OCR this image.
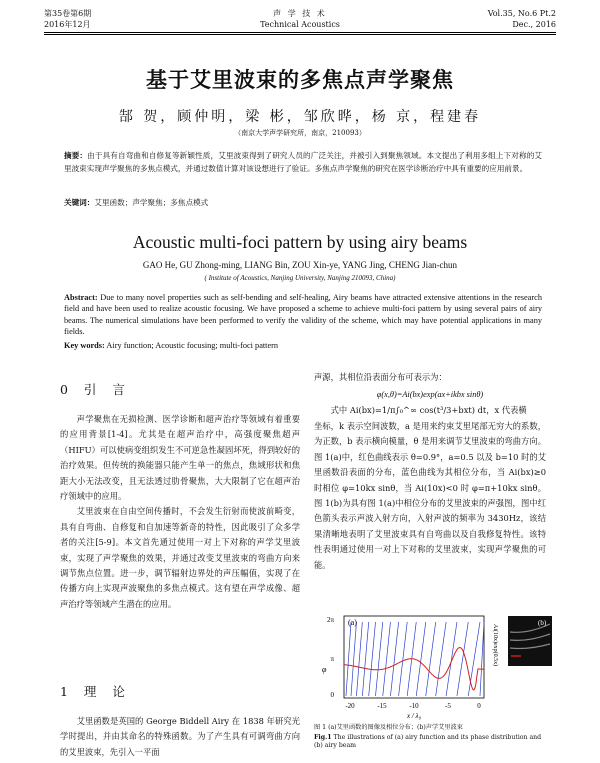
第35卷第6期
2016年12月
声 学 技 术
Technical Acoustics
Vol.35, No.6 Pt.2
Dec., 2016
基于艾里波束的多焦点声学聚焦
郜 贺，顾仲明，梁 彬，邹欣晔，杨 京，程建春
（南京大学声学研究所，南京，210093）
摘要：由于具有自弯曲和自修复等新颖性质，艾里波束得到了研究人员的广泛关注，并被引入到聚焦领域。本文提出了利用多组上下对称的艾里波束实现声学聚焦的多焦点模式，并通过数值计算对该设想进行了验证。多焦点声学聚焦的研究在医学诊断治疗中具有重要的应用前景。
关键词：艾里函数；声学聚焦；多焦点模式
Acoustic multi-foci pattern by using airy beams
GAO He, GU Zhong-ming, LIANG Bin, ZOU Xin-ye, YANG Jing, CHENG Jian-chun
( Institute of Acoustics, Nanjing University, Nanjing 210093, China)
Abstract: Due to many novel properties such as self-bending and self-healing, Airy beams have attracted extensive attentions in the research field and have been used to realize acoustic focusing. We have proposed a scheme to achieve multi-foci pattern by using several pairs of airy beams. The numerical simulations have been performed to verify the validity of the scheme, which may have potential applications in many fields.
Key words: Airy function; Acoustic focusing; multi-foci pattern
0 引 言

声学聚焦在无损检测、医学诊断和超声治疗等领域有着重要的应用背景[1-4]。尤其是在超声治疗中，高强度聚焦超声（HIFU）可以使病变组织发生不可逆急性凝固坏死，得到较好的治疗效果。但传统的换能器只能产生单一的焦点，焦域形状和焦距大小无法改变，且无法透过肋骨聚焦，大大限制了它在超声治疗领域中的应用。

艾里波束在自由空间传播时，不会发生衍射而使波前畸变，具有自弯曲、自修复和自加速等新奇的特性，因此吸引了众多学者的关注[5-9]。本文首先通过使用一对上下对称的声学艾里波束，实现了声学聚焦的效果，并通过改变艾里波束的弯曲方向来调节焦点位置。进一步，调节辐射边界处的声压幅值，实现了在传播方向上实现声波聚焦的多焦点模式。这有望在声学成像、超声治疗等领域产生潜在的应用。

1 理 论

艾里函数是英国的 George Biddell Airy 在 1838 年研究光学时提出，并由其命名的特殊函数。为了产生具有可调弯曲方向的艾里波束，先引入一平面

声源，其相位沿表面分布可表示为：
φ(x,θ)=Ai(bx)exp(ax+ikbx sinθ)
式中 Ai(bx)=1/π∫₀^∞ cos(t³/3+bxt) dt，x 代表横
坐标，k 表示空间波数，a 是用来约束艾里尾部无穷大的系数，为正数，b 表示横向模量，θ 是用来调节艾里波束的弯曲方向。图 1(a)中，红色曲线表示 θ=0.9°，a=0.5 以及 b=10 时的艾里函数沿表面的分布，蓝色曲线为其相位分布，当 Ai(bx)≥0 时相位 φ=10kx sinθ，当 Ai(10x)<0 时 φ=π+10kx sinθ。图 1(b)为具有图 1(a)中相位分布的艾里波束的声强图，图中红色箭头表示声波入射方向，入射声波的频率为 3430Hz，该结果清晰地表明了艾里波束具有自弯曲以及自我修复特性。该特性表明通过使用一对上下对称的艾里波束，实现声学聚焦的可能。
(a)
2π
π
0
φ
Ai(10x)exp(0.5x)
-20	-15	-10	-5	0
x / λ₀
(b)
图 1 (a)艾里函数的图像及相位分布；(b)声学艾里波束
Fig.1 The illustrations of (a) airy function and its phase distribution and (b) airy beam
